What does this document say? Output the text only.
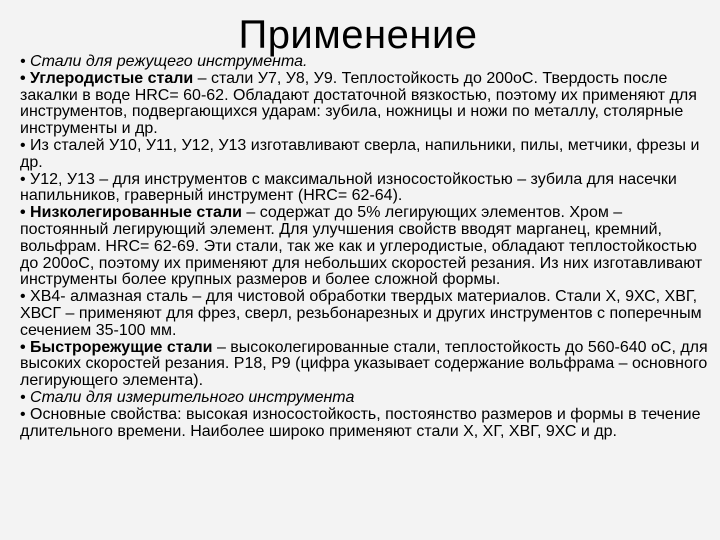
Применение

• Стали для режущего инструмента.

• Углеродистые стали – стали У7, У8, У9. Теплостойкость до 200оС. Твердость после закалки в воде HRC= 60-62. Обладают достаточной вязкостью, поэтому их применяют для инструментов, подвергающихся ударам: зубила, ножницы и ножи по металлу, столярные инструменты и др.

• Из сталей У10, У11, У12, У13 изготавливают сверла, напильники, пилы, метчики, фрезы и др.

• У12, У13 – для инструментов с максимальной износостойкостью – зубила для насечки напильников, граверный инструмент (HRC= 62-64).

• Низколегированные стали – содержат до 5% легирующих элементов. Хром – постоянный легирующий элемент. Для улучшения свойств вводят марганец, кремний, вольфрам. HRC= 62-69. Эти стали, так же как и углеродистые, обладают теплостойкостью до 200оС, поэтому их применяют для небольших скоростей резания. Из них изготавливают инструменты более крупных размеров и более сложной формы.

• ХВ4- алмазная сталь – для чистовой обработки твердых материалов. Стали Х, 9ХС, ХВГ, ХВСГ – применяют для фрез, сверл, резьбонарезных и других инструментов с поперечным сечением 35-100 мм.

• Быстрорежущие стали – высоколегированные стали, теплостойкость до 560-640 оС, для высоких скоростей резания. Р18, Р9 (цифра указывает содержание вольфрама – основного легирующего элемента).

• Стали для измерительного инструмента

• Основные свойства: высокая износостойкость, постоянство размеров и формы в течение длительного времени. Наиболее широко применяют стали Х, ХГ, ХВГ, 9ХС и др.
